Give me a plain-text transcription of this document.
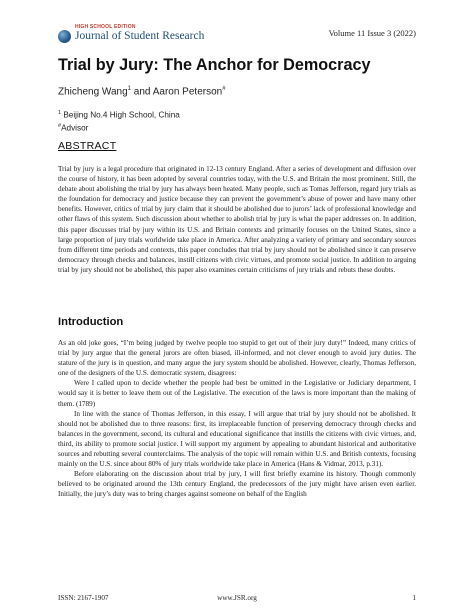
HIGH SCHOOL EDITION
Journal of Student Research	Volume 11 Issue 3 (2022)
Trial by Jury: The Anchor for Democracy
Zhicheng Wang$^1$ and Aaron Peterson#
$^1$ Beijing No.4 High School, China
#Advisor
ABSTRACT

Trial by jury is a legal procedure that originated in 12-13 century England. After a series of development and diffusion over the course of history, it has been adopted by several countries today, with the U.S. and Britain the most prominent. Still, the debate about abolishing the trial by jury has always been heated. Many people, such as Tomas Jefferson, regard jury trials as the foundation for democracy and justice because they can prevent the government’s abuse of power and have many other benefits. However, critics of trial by jury claim that it should be abolished due to jurors’ lack of professional knowledge and other flaws of this system. Such discussion about whether to abolish trial by jury is what the paper addresses on. In addition, this paper discusses trial by jury within its U.S. and Britain contexts and primarily focuses on the United States, since a large proportion of jury trials worldwide take place in America. After analyzing a variety of primary and secondary sources from different time periods and contexts, this paper concludes that trial by jury should not be abolished since it can preserve democracy through checks and balances, instill citizens with civic virtues, and promote social justice. In addition to arguing trial by jury should not be abolished, this paper also examines certain criticisms of jury trials and rebuts these doubts.

Introduction

As an old joke goes, “I’m being judged by twelve people too stupid to get out of their jury duty!” Indeed, many critics of trial by jury argue that the general jurors are often biased, ill-informed, and not clever enough to avoid jury duties. The stature of the jury is in question, and many argue the jury system should be abolished. However, clearly, Thomas Jefferson, one of the designers of the U.S. democratic system, disagrees:

Were I called upon to decide whether the people had best be omitted in the Legislative or Judiciary department, I would say it is better to leave them out of the Legislative. The execution of the laws is more important than the making of them. (1789)

In line with the stance of Thomas Jefferson, in this essay, I will argue that trial by jury should not be abolished. It should not be abolished due to three reasons: first, its irreplaceable function of preserving democracy through checks and balances in the government, second, its cultural and educational significance that instills the citizens with civic virtues, and, third, its ability to promote social justice. I will support my argument by appealing to abundant historical and authoritative sources and rebutting several counterclaims. The analysis of the topic will remain within U.S. and British contexts, focusing mainly on the U.S. since about 80% of jury trials worldwide take place in America (Hans & Vidmar, 2013, p.31).

Before elaborating on the discussion about trial by jury, I will first briefly examine its history. Though commonly believed to be originated around the 13th century England, the predecessors of the jury might have arisen even earlier. Initially, the jury’s duty was to bring charges against someone on behalf of the English

ISSN: 2167-1907	www.JSR.org	1
